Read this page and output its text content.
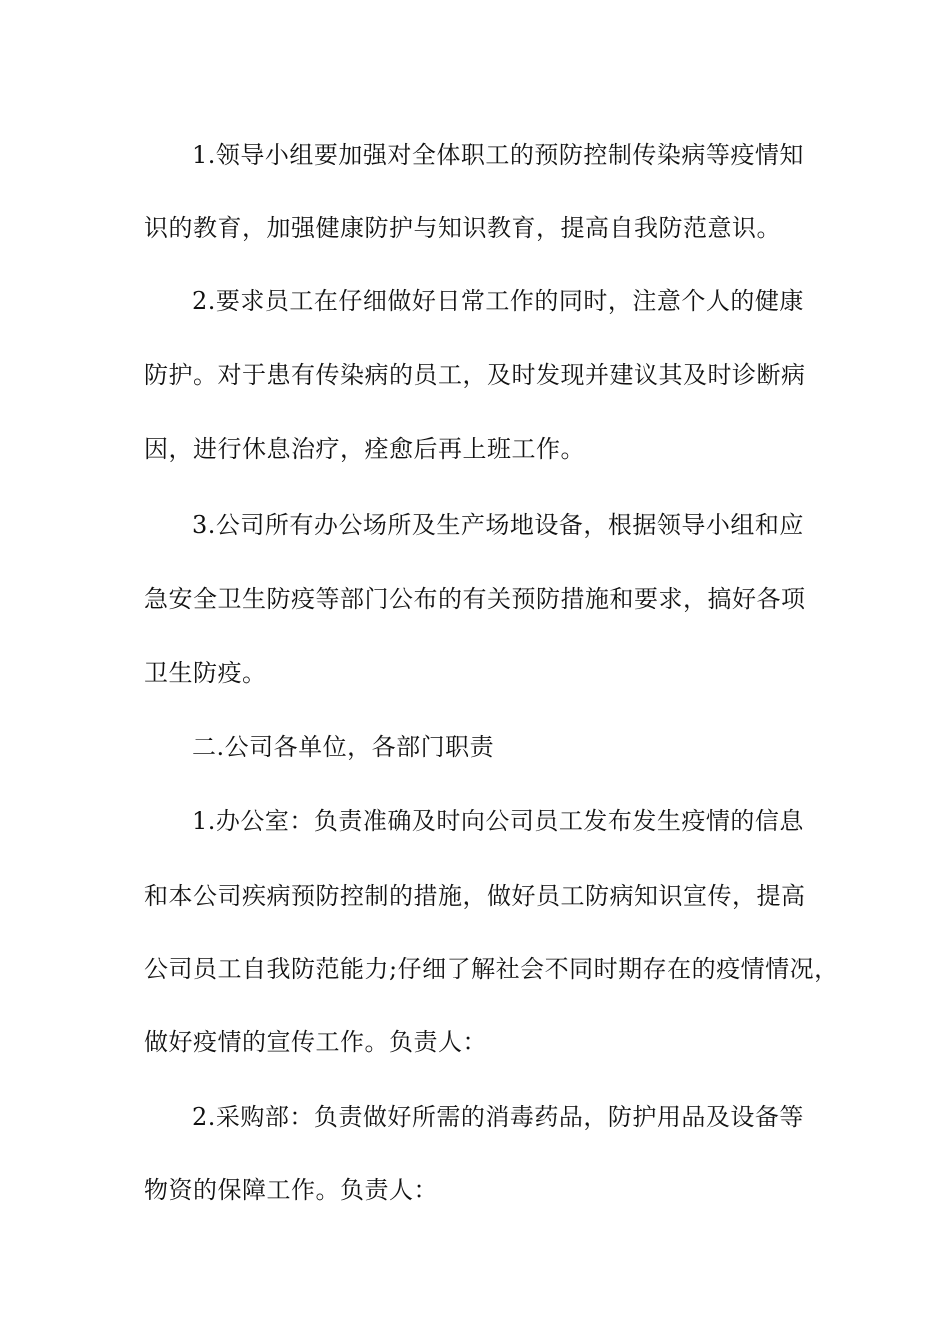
1.领导小组要加强对全体职工的预防控制传染病等疫情知
识的教育，加强健康防护与知识教育，提高自我防范意识。
2.要求员工在仔细做好日常工作的同时，注意个人的健康
防护。对于患有传染病的员工，及时发现并建议其及时诊断病
因，进行休息治疗，痊愈后再上班工作。
3.公司所有办公场所及生产场地设备，根据领导小组和应
急安全卫生防疫等部门公布的有关预防措施和要求，搞好各项
卫生防疫。
二.公司各单位，各部门职责
1.办公室：负责准确及时向公司员工发布发生疫情的信息
和本公司疾病预防控制的措施，做好员工防病知识宣传，提高
公司员工自我防范能力;仔细了解社会不同时期存在的疫情情况，
做好疫情的宣传工作。负责人：
2.采购部：负责做好所需的消毒药品，防护用品及设备等
物资的保障工作。负责人：
